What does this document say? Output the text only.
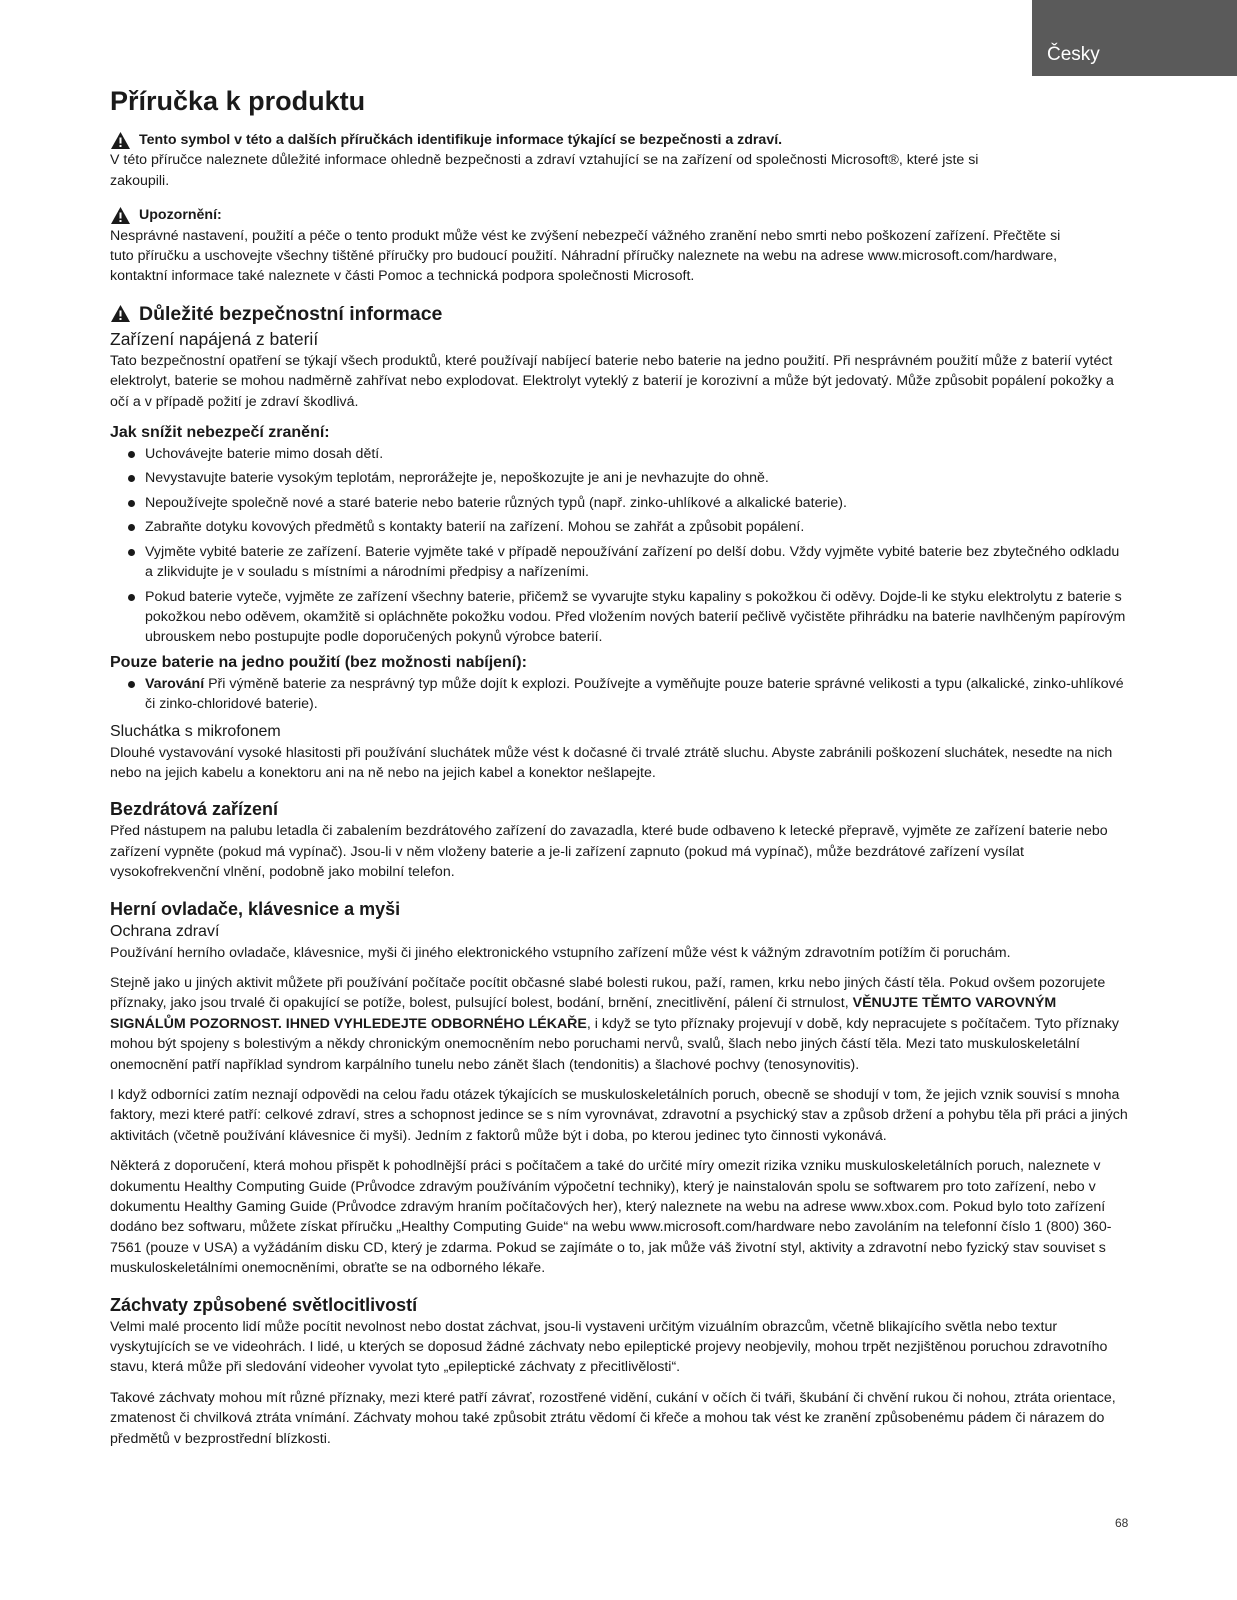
Česky
Příručka k produktu
Tento symbol v této a dalších příručkách identifikuje informace týkající se bezpečnosti a zdraví.

V této příručce naleznete důležité informace ohledně bezpečnosti a zdraví vztahující se na zařízení od společnosti Microsoft®, které jste si zakoupili.

Upozornění:

Nesprávné nastavení, použití a péče o tento produkt může vést ke zvýšení nebezpečí vážného zranění nebo smrti nebo poškození zařízení. Přečtěte si tuto příručku a uschovejte všechny tištěné příručky pro budoucí použití. Náhradní příručky naleznete na webu na adrese www.microsoft.com/hardware, kontaktní informace také naleznete v části Pomoc a technická podpora společnosti Microsoft.

Důležité bezpečnostní informace
Zařízení napájená z baterií

Tato bezpečnostní opatření se týkají všech produktů, které používají nabíjecí baterie nebo baterie na jedno použití. Při nesprávném použití může z baterií vytéct elektrolyt, baterie se mohou nadměrně zahřívat nebo explodovat. Elektrolyt vyteklý z baterií je korozivní a může být jedovatý. Může způsobit popálení pokožky a očí a v případě požití je zdraví škodlivá.

Jak snížit nebezpečí zranění:
Uchovávejte baterie mimo dosah dětí.
Nevystavujte baterie vysokým teplotám, neprorážejte je, nepoškozujte je ani je nevhazujte do ohně.
Nepoužívejte společně nové a staré baterie nebo baterie různých typů (např. zinko-uhlíkové a alkalické baterie).
Zabraňte dotyku kovových předmětů s kontakty baterií na zařízení. Mohou se zahřát a způsobit popálení.
Vyjměte vybité baterie ze zařízení. Baterie vyjměte také v případě nepoužívání zařízení po delší dobu. Vždy vyjměte vybité baterie bez zbytečného odkladu a zlikvidujte je v souladu s místními a národními předpisy a nařízeními.
Pokud baterie vyteče, vyjměte ze zařízení všechny baterie, přičemž se vyvarujte styku kapaliny s pokožkou či oděvy. Dojde-li ke styku elektrolytu z baterie s pokožkou nebo oděvem, okamžitě si opláchněte pokožku vodou. Před vložením nových baterií pečlivě vyčistěte přihrádku na baterie navlhčeným papírovým ubrouskem nebo postupujte podle doporučených pokynů výrobce baterií.
Pouze baterie na jedno použití (bez možnosti nabíjení):
Varování Při výměně baterie za nesprávný typ může dojít k explozi. Používejte a vyměňujte pouze baterie správné velikosti a typu (alkalické, zinko-uhlíkové či zinko-chloridové baterie).
Sluchátka s mikrofonem

Dlouhé vystavování vysoké hlasitosti při používání sluchátek může vést k dočasné či trvalé ztrátě sluchu. Abyste zabránili poškození sluchátek, nesedte na nich nebo na jejich kabelu a konektoru ani na ně nebo na jejich kabel a konektor nešlapejte.

Bezdrátová zařízení

Před nástupem na palubu letadla či zabalením bezdrátového zařízení do zavazadla, které bude odbaveno k letecké přepravě, vyjměte ze zařízení baterie nebo zařízení vypněte (pokud má vypínač). Jsou-li v něm vloženy baterie a je-li zařízení zapnuto (pokud má vypínač), může bezdrátové zařízení vysílat vysokofrekvenční vlnění, podobně jako mobilní telefon.

Herní ovladače, klávesnice a myši
Ochrana zdraví

Používání herního ovladače, klávesnice, myši či jiného elektronického vstupního zařízení může vést k vážným zdravotním potížím či poruchám.

Stejně jako u jiných aktivit můžete při používání počítače pocítit občasné slabé bolesti rukou, paží, ramen, krku nebo jiných částí těla. Pokud ovšem pozorujete příznaky, jako jsou trvalé či opakující se potíže, bolest, pulsující bolest, bodání, brnění, znecitlivění, pálení či strnulost, VĚNUJTE TĚMTO VAROVNÝM SIGNÁLŮM POZORNOST. IHNED VYHLEDEJTE ODBORNÉHO LÉKAŘE, i když se tyto příznaky projevují v době, kdy nepracujete s počítačem. Tyto příznaky mohou být spojeny s bolestivým a někdy chronickým onemocněním nebo poruchami nervů, svalů, šlach nebo jiných částí těla. Mezi tato muskuloskeletální onemocnění patří například syndrom karpálního tunelu nebo zánět šlach (tendonitis) a šlachové pochvy (tenosynovitis).

I když odborníci zatím neznají odpovědi na celou řadu otázek týkajících se muskuloskeletálních poruch, obecně se shodují v tom, že jejich vznik souvisí s mnoha faktory, mezi které patří: celkové zdraví, stres a schopnost jedince se s ním vyrovnávat, zdravotní a psychický stav a způsob držení a pohybu těla při práci a jiných aktivitách (včetně používání klávesnice či myši). Jedním z faktorů může být i doba, po kterou jedinec tyto činnosti vykonává.

Některá z doporučení, která mohou přispět k pohodlnější práci s počítačem a také do určité míry omezit rizika vzniku muskuloskeletálních poruch, naleznete v dokumentu Healthy Computing Guide (Průvodce zdravým používáním výpočetní techniky), který je nainstalován spolu se softwarem pro toto zařízení, nebo v dokumentu Healthy Gaming Guide (Průvodce zdravým hraním počítačových her), který naleznete na webu na adrese www.xbox.com. Pokud bylo toto zařízení dodáno bez softwaru, můžete získat příručku „Healthy Computing Guide“ na webu www.microsoft.com/hardware nebo zavoláním na telefonní číslo 1 (800) 360-7561 (pouze v USA) a vyžádáním disku CD, který je zdarma. Pokud se zajímáte o to, jak může váš životní styl, aktivity a zdravotní nebo fyzický stav souviset s muskuloskeletálními onemocněními, obraťte se na odborného lékaře.

Záchvaty způsobené světlocitlivostí

Velmi malé procento lidí může pocítit nevolnost nebo dostat záchvat, jsou-li vystaveni určitým vizuálním obrazcům, včetně blikajícího světla nebo textur vyskytujících se ve videohrách. I lidé, u kterých se doposud žádné záchvaty nebo epileptické projevy neobjevily, mohou trpět nezjištěnou poruchou zdravotního stavu, která může při sledování videoher vyvolat tyto „epileptické záchvaty z přecitlivělosti“.

Takové záchvaty mohou mít různé příznaky, mezi které patří závrať, rozostřené vidění, cukání v očích či tváři, škubání či chvění rukou či nohou, ztráta orientace, zmatenost či chvilková ztráta vnímání. Záchvaty mohou také způsobit ztrátu vědomí či křeče a mohou tak vést ke zranění způsobenému pádem či nárazem do předmětů v bezprostřední blízkosti.

68
